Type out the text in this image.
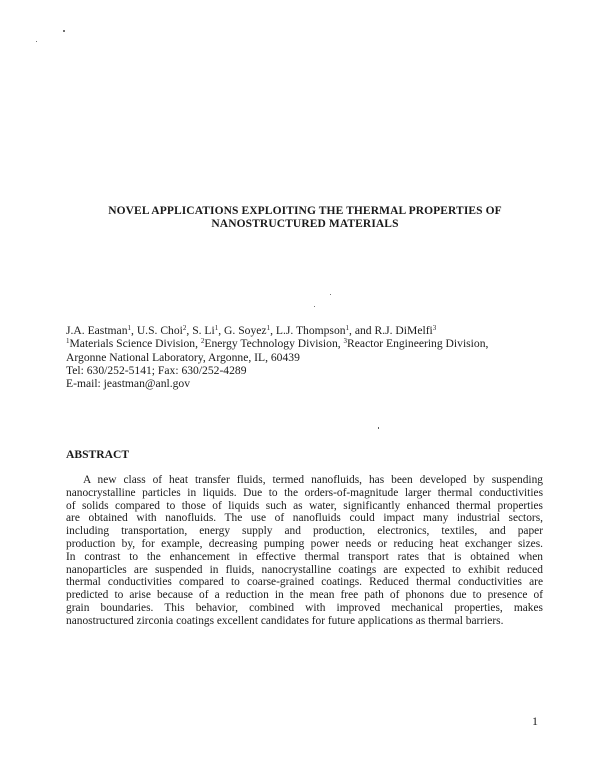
NOVEL APPLICATIONS EXPLOITING THE THERMAL PROPERTIES OF
NANOSTRUCTURED MATERIALS
J.A. Eastman$^1$, U.S. Choi$^2$, S. Li$^1$, G. Soyez$^1$, L.J. Thompson$^1$, and R.J. DiMelfi$^3$
$^1$Materials Science Division, $^2$Energy Technology Division, $^3$Reactor Engineering Division,
Argonne National Laboratory, Argonne, IL, 60439
Tel: 630/252-5141; Fax: 630/252-4289
E-mail: jeastman@anl.gov
ABSTRACT
A new class of heat transfer fluids, termed nanofluids, has been developed by suspending
nanocrystalline particles in liquids. Due to the orders-of-magnitude larger thermal conductivities
of solids compared to those of liquids such as water, significantly enhanced thermal properties
are obtained with nanofluids. The use of nanofluids could impact many industrial sectors,
including transportation, energy supply and production, electronics, textiles, and paper
production by, for example, decreasing pumping power needs or reducing heat exchanger sizes.
In contrast to the enhancement in effective thermal transport rates that is obtained when
nanoparticles are suspended in fluids, nanocrystalline coatings are expected to exhibit reduced
thermal conductivities compared to coarse-grained coatings. Reduced thermal conductivities are
predicted to arise because of a reduction in the mean free path of phonons due to presence of
grain boundaries. This behavior, combined with improved mechanical properties, makes
nanostructured zirconia coatings excellent candidates for future applications as thermal barriers.
1
